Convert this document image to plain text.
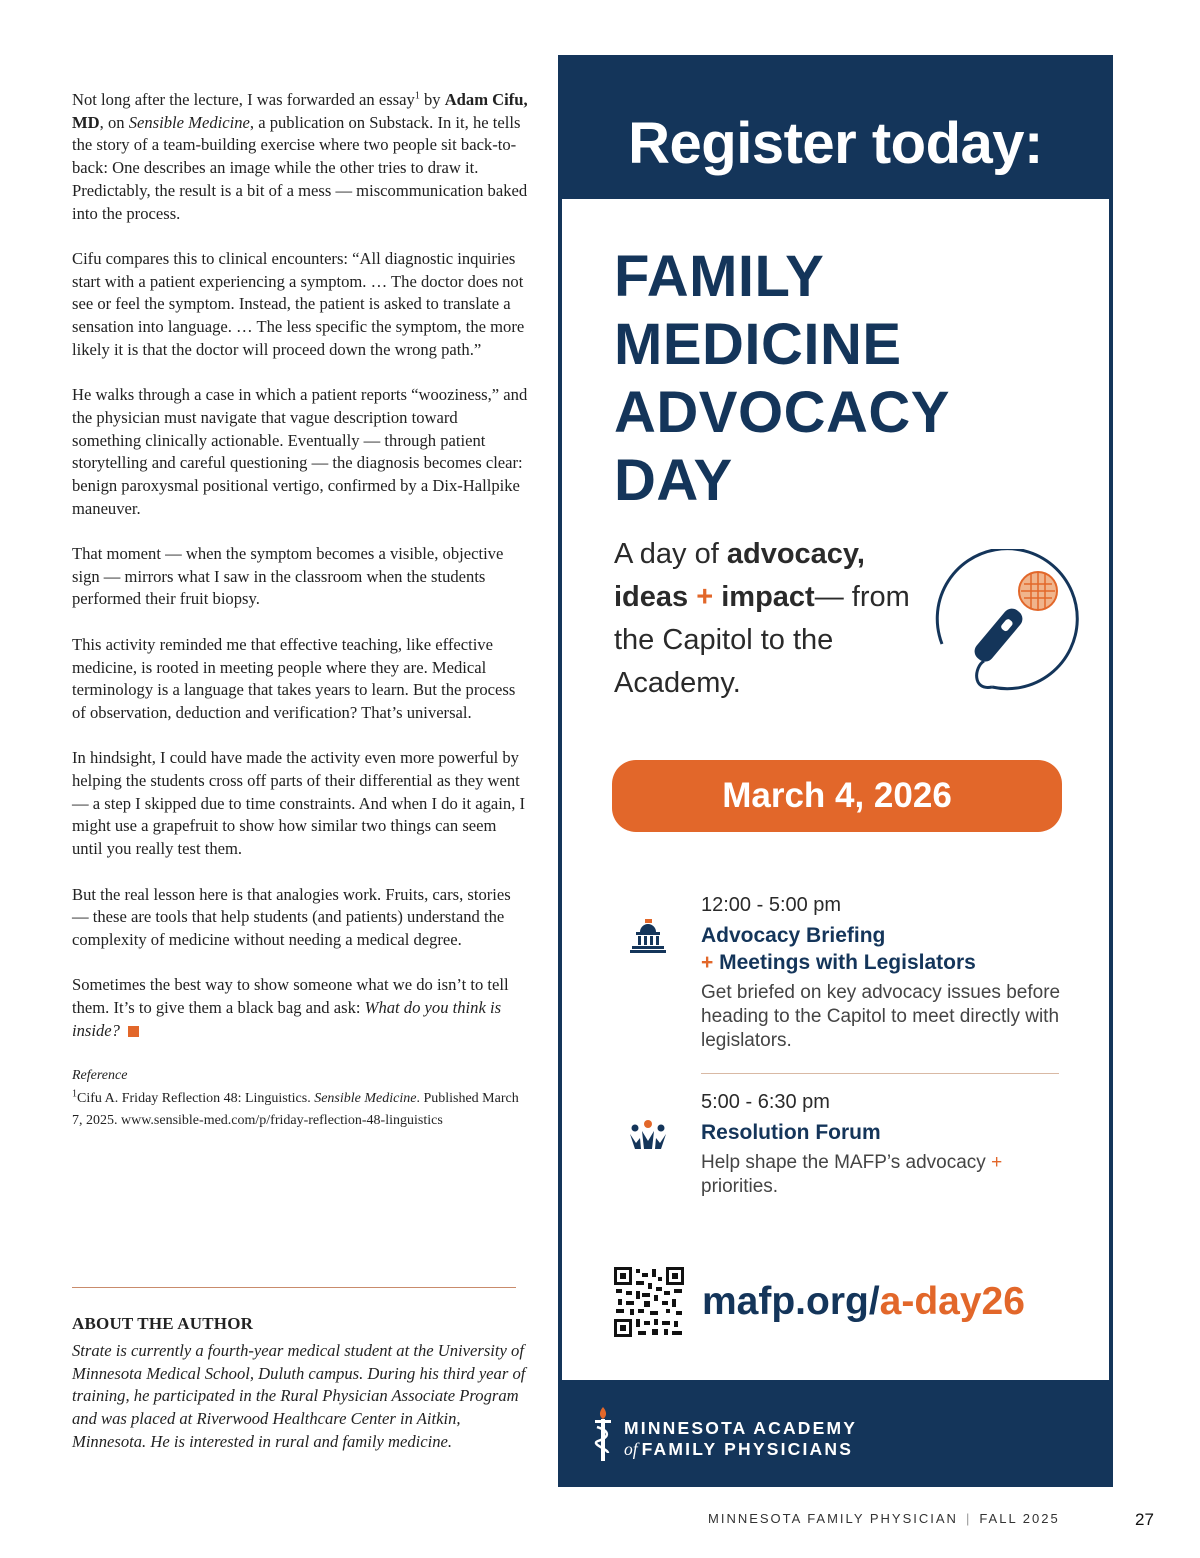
Not long after the lecture, I was forwarded an essay$^1$ by Adam Cifu, MD, on Sensible Medicine, a publication on Substack. In it, he tells the story of a team-building exercise where two people sit back-to-back: One describes an image while the other tries to draw it. Predictably, the result is a bit of a mess — miscommunication baked into the process.

Cifu compares this to clinical encounters: “All diagnostic inquiries start with a patient experiencing a symptom. … The doctor does not see or feel the symptom. Instead, the patient is asked to translate a sensation into language. … The less specific the symptom, the more likely it is that the doctor will proceed down the wrong path.”

He walks through a case in which a patient reports “wooziness,” and the physician must navigate that vague description toward something clinically actionable. Eventually — through patient storytelling and careful questioning — the diagnosis becomes clear: benign paroxysmal positional vertigo, confirmed by a Dix-Hallpike maneuver.

That moment — when the symptom becomes a visible, objective sign — mirrors what I saw in the classroom when the students performed their fruit biopsy.

This activity reminded me that effective teaching, like effective medicine, is rooted in meeting people where they are. Medical terminology is a language that takes years to learn. But the process of observation, deduction and verification? That’s universal.

In hindsight, I could have made the activity even more powerful by helping the students cross off parts of their differential as they went — a step I skipped due to time constraints. And when I do it again, I might use a grapefruit to show how similar two things can seem until you really test them.

But the real lesson here is that analogies work. Fruits, cars, stories — these are tools that help students (and patients) understand the complexity of medicine without needing a medical degree.

Sometimes the best way to show someone what we do isn’t to tell them. It’s to give them a black bag and ask: What do you think is inside?

Reference
$^1$Cifu A. Friday Reflection 48: Linguistics. Sensible Medicine. Published March 7, 2025. www.sensible-med.com/p/friday-reflection-48-linguistics
ABOUT THE AUTHOR
Strate is currently a fourth-year medical student at the University of Minnesota Medical School, Duluth campus. During his third year of training, he participated in the Rural Physician Associate Program and was placed at Riverwood Healthcare Center in Aitkin, Minnesota. He is interested in rural and family medicine.
Register today:
FAMILY
MEDICINE
ADVOCACY
DAY
A day of advocacy,
ideas + impact— from the Capitol to the Academy.
March 4, 2026
12:00 - 5:00 pm
Advocacy Briefing
+ Meetings with Legislators
Get briefed on key advocacy issues before heading to the Capitol to meet directly with legislators.
5:00 - 6:30 pm
Resolution Forum
Help shape the MAFP’s advocacy + priorities.
mafp.org/a-day26
MINNESOTA ACADEMY
of FAMILY PHYSICIANS
MINNESOTA FAMILY PHYSICIAN | FALL 2025	27
